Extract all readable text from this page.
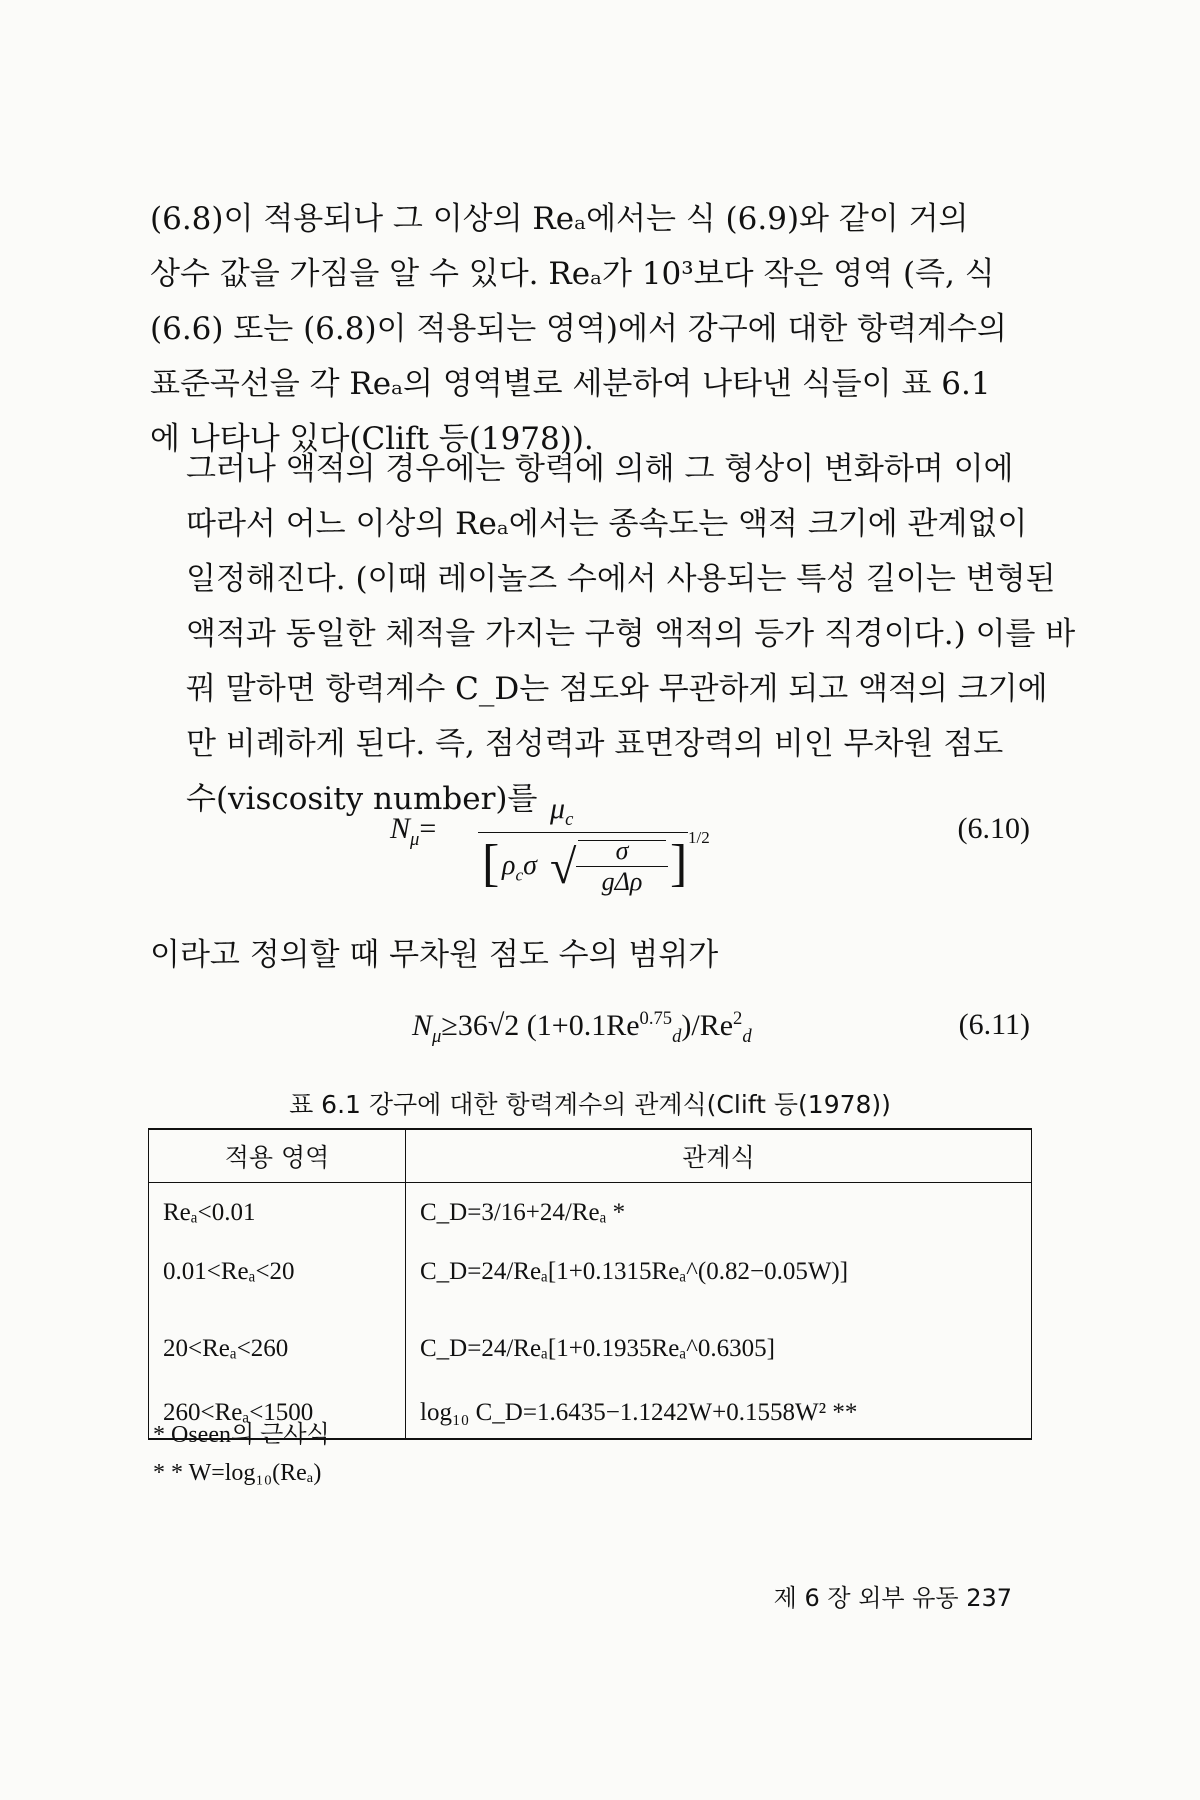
(6.8)이 적용되나 그 이상의 Reₐ에서는 식 (6.9)와 같이 거의
상수 값을 가짐을 알 수 있다. Reₐ가 10³보다 작은 영역 (즉, 식
(6.6) 또는 (6.8)이 적용되는 영역)에서 강구에 대한 항력계수의
표준곡선을 각 Reₐ의 영역별로 세분하여 나타낸 식들이 표 6.1
에 나타나 있다(Clift 등(1978)).

그러나 액적의 경우에는 항력에 의해 그 형상이 변화하며 이에
따라서 어느 이상의 Reₐ에서는 종속도는 액적 크기에 관계없이
일정해진다. (이때 레이놀즈 수에서 사용되는 특성 길이는 변형된
액적과 동일한 체적을 가지는 구형 액적의 등가 직경이다.) 이를 바
꿔 말하면 항력계수 C_D는 점도와 무관하게 되고 액적의 크기에
만 비례하게 된다. 즉, 점성력과 표면장력의 비인 무차원 점도
수(viscosity number)를

$N_\mu=$
$\mu_c$
[ $\rho_c\sigma$ √	σ
gΔρ ] 1/2	(6.10)

이라고 정의할 때 무차원 점도 수의 범위가

$N_\mu\ge 36√2$ $(1+0.1Re^{0.75}_d)/Re^2_d$	(6.11)
표 6.1 강구에 대한 항력계수의 관계식(Clift 등(1978))
적용 영역	관계식
Reₐ<0.01	C_D=3/16+24/Reₐ *
0.01<Reₐ<20	C_D=24/Reₐ[1+0.1315Reₐ^(0.82−0.05W)]
20<Reₐ<260	C_D=24/Reₐ[1+0.1935Reₐ^0.6305]
260<Reₐ<1500	log₁₀ C_D=1.6435−1.1242W+0.1558W² **
* Oseen의 근사식
* * W=log₁₀(Reₐ)
제 6 장 외부 유동 237
